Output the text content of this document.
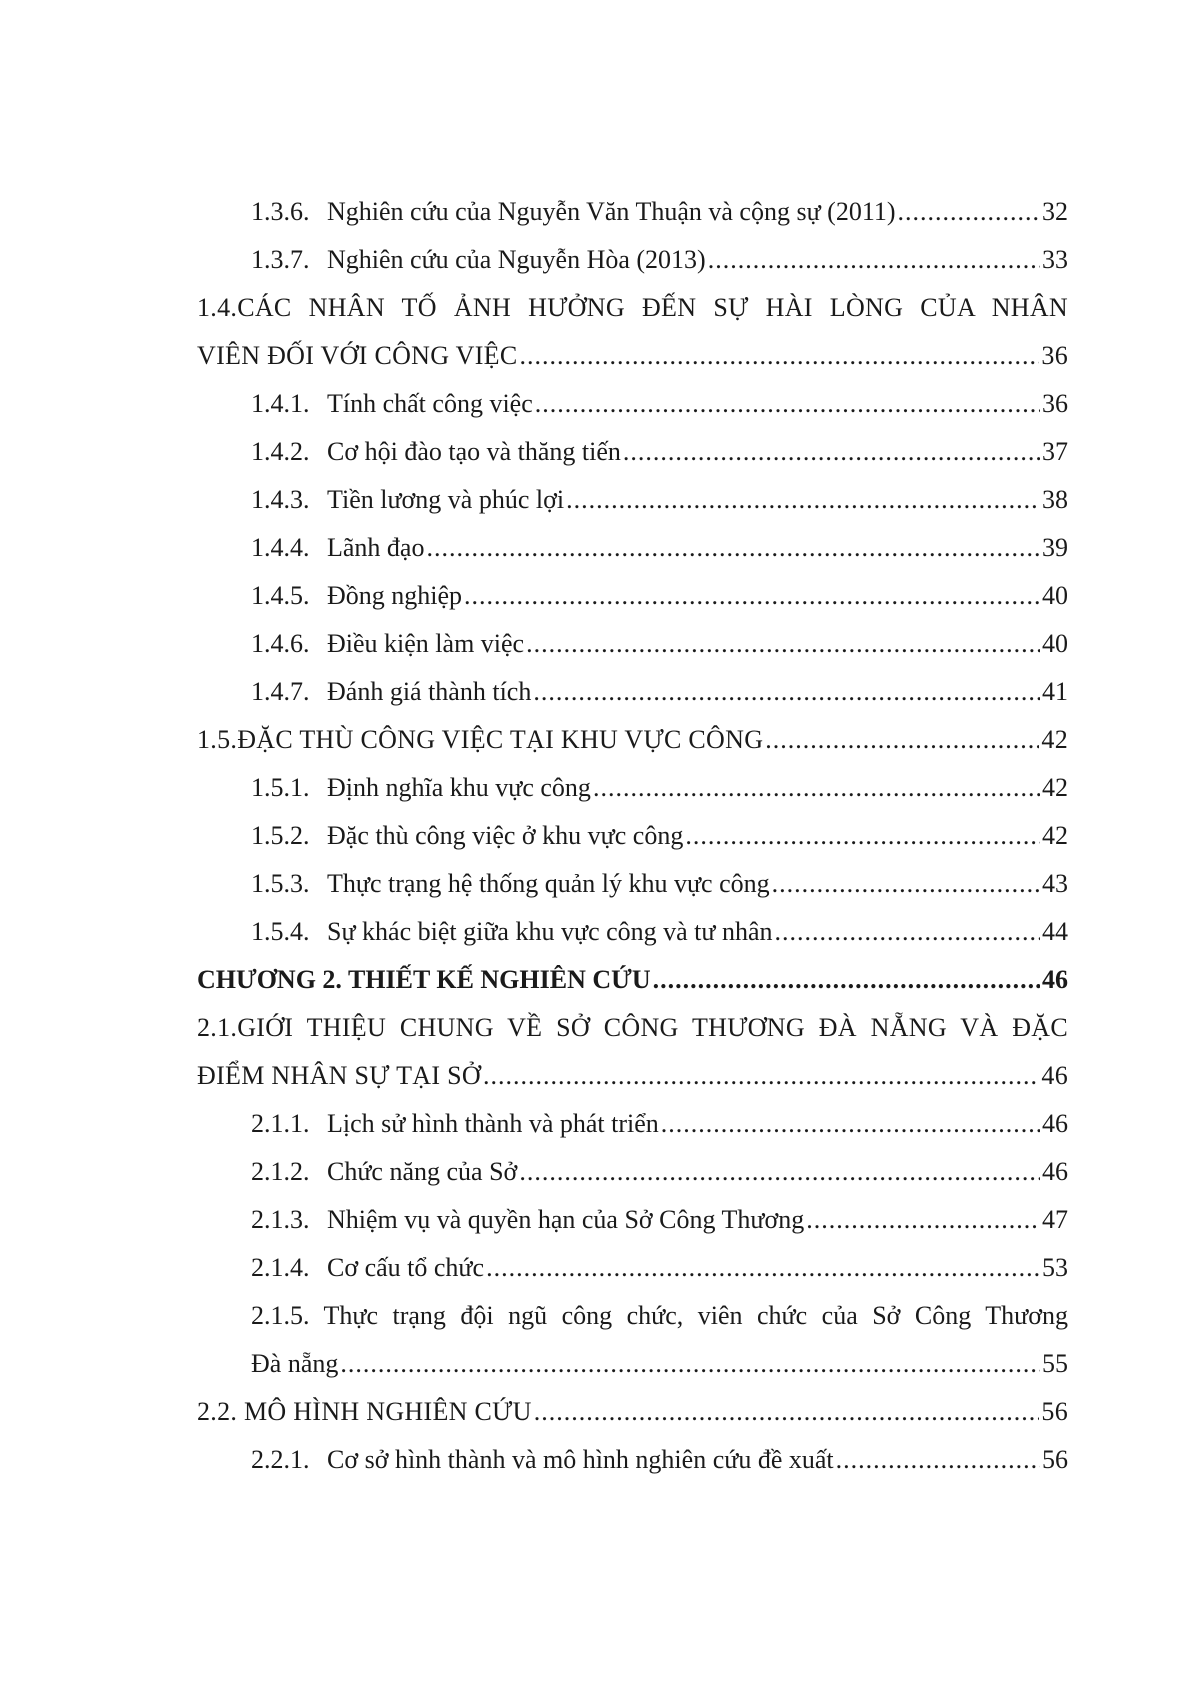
1.3.6. Nghiên cứu của Nguyễn Văn Thuận và cộng sự (2011) .....	32
1.3.7. Nghiên cứu của Nguyễn Hòa (2013) .....	33
1.4.CÁC NHÂN TỐ ẢNH HƯỞNG ĐẾN SỰ HÀI LÒNG CỦA NHÂN
VIÊN ĐỐI VỚI CÔNG VIỆC .....	36
1.4.1. Tính chất công việc .....	36
1.4.2. Cơ hội đào tạo và thăng tiến .....	37
1.4.3. Tiền lương và phúc lợi .....	38
1.4.4. Lãnh đạo .....	39
1.4.5. Đồng nghiệp .....	40
1.4.6. Điều kiện làm việc .....	40
1.4.7. Đánh giá thành tích .....	41
1.5.ĐẶC THÙ CÔNG VIỆC TẠI KHU VỰC CÔNG .....	42
1.5.1. Định nghĩa khu vực công .....	42
1.5.2. Đặc thù công việc ở khu vực công .....	42
1.5.3. Thực trạng hệ thống quản lý khu vực công .....	43
1.5.4. Sự khác biệt giữa khu vực công và tư nhân .....	44
CHƯƠNG 2. THIẾT KẾ NGHIÊN CỨU .....	46
2.1.GIỚI THIỆU CHUNG VỀ SỞ CÔNG THƯƠNG ĐÀ NẴNG VÀ ĐẶC
ĐIỂM NHÂN SỰ TẠI SỞ .....	46
2.1.1. Lịch sử hình thành và phát triển .....	46
2.1.2. Chức năng của Sở .....	46
2.1.3. Nhiệm vụ và quyền hạn của Sở Công Thương .....	47
2.1.4. Cơ cấu tổ chức .....	53
2.1.5. Thực trạng đội ngũ công chức, viên chức của Sở Công Thương
Đà nẵng .....	55
2.2. MÔ HÌNH NGHIÊN CỨU .....	56
2.2.1. Cơ sở hình thành và mô hình nghiên cứu đề xuất .....	56
